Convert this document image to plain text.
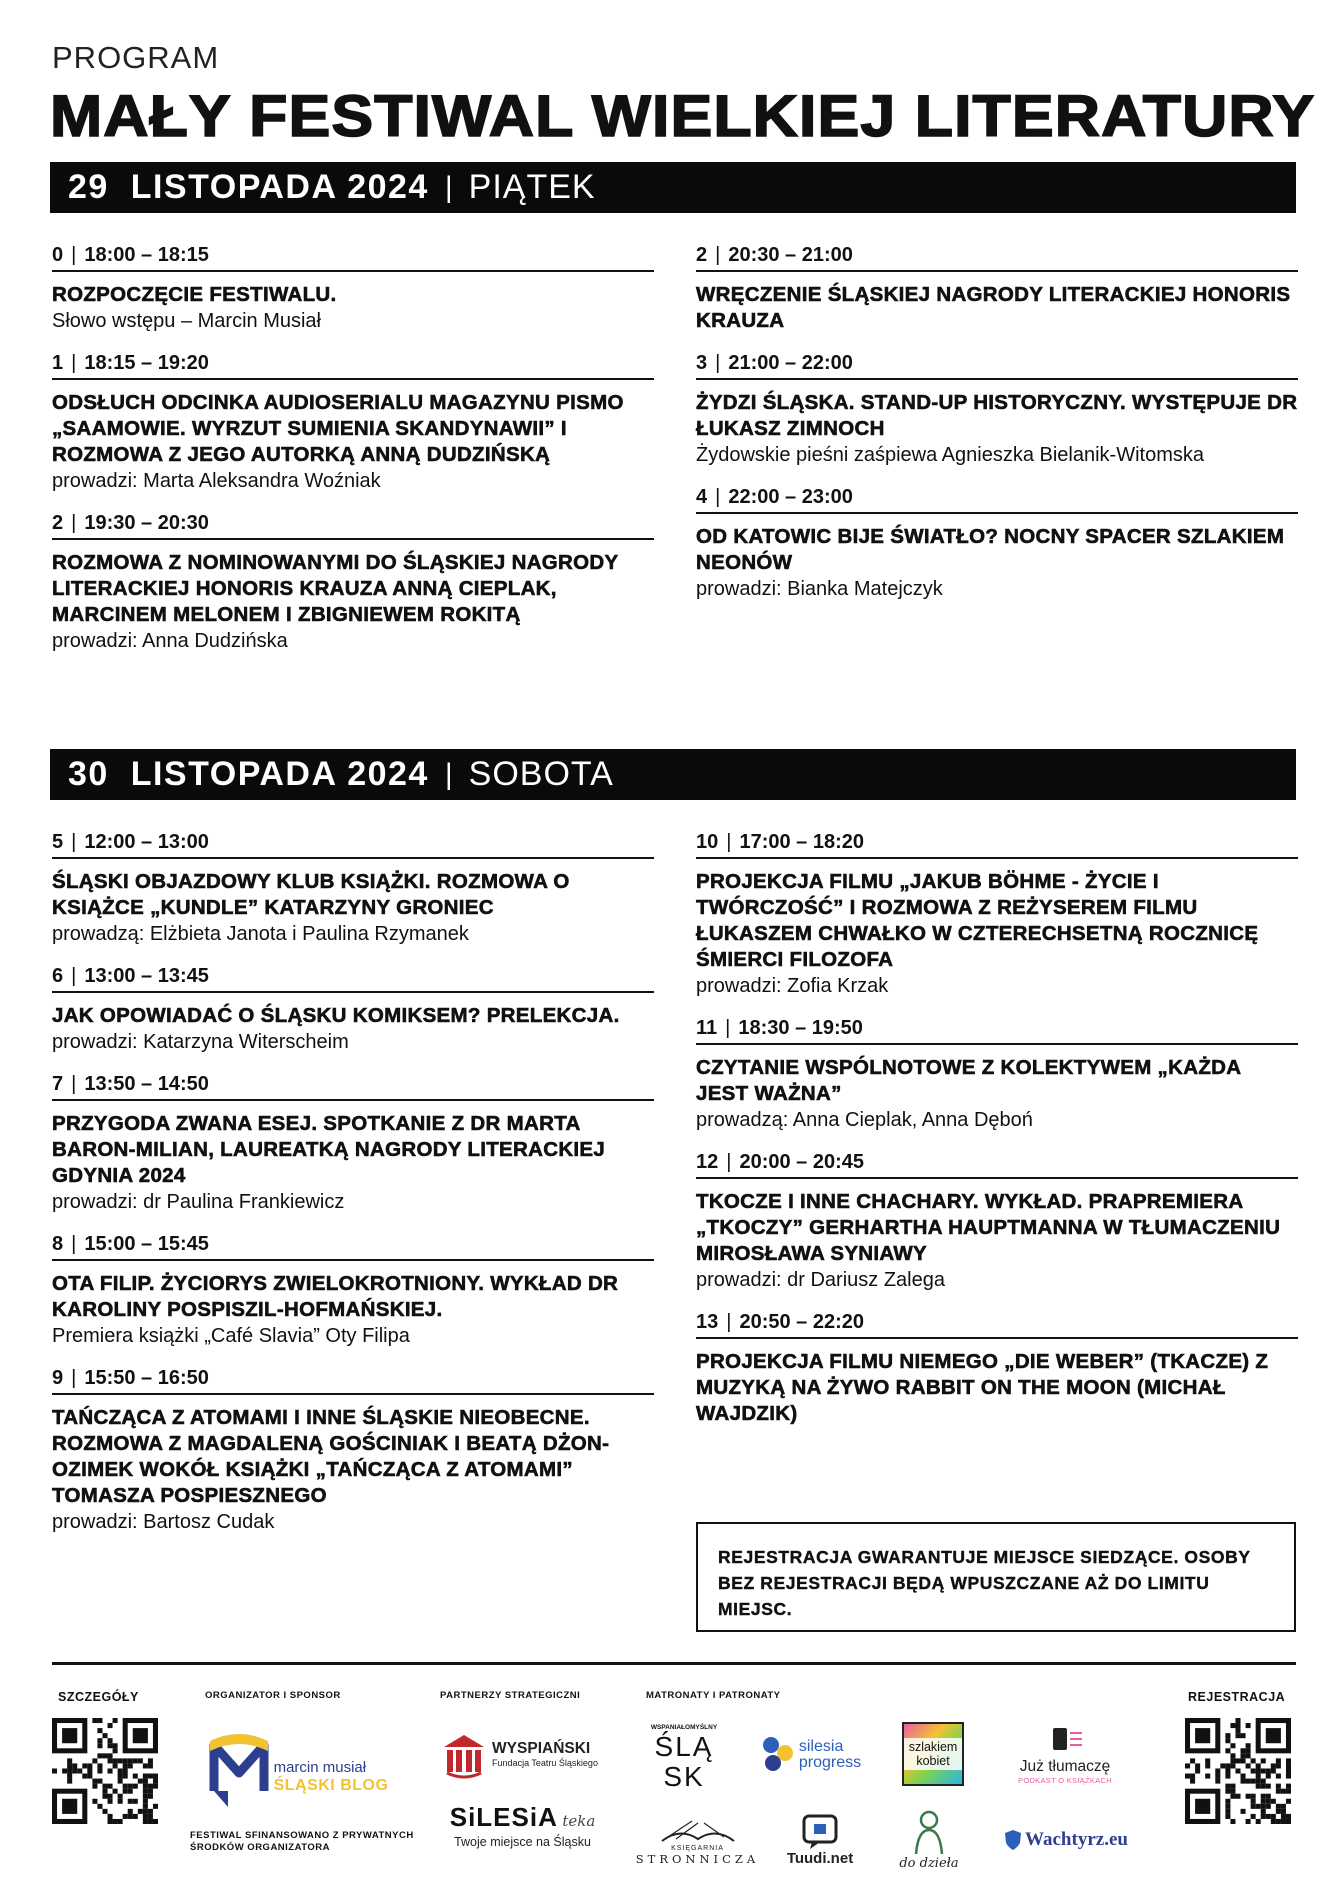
PROGRAM
MAŁY FESTIWAL WIELKIEJ LITERATURY
29  LISTOPADA 2024 | PIĄTEK
0 | 18:00 – 18:15
ROZPOCZĘCIE FESTIWALU.
Słowo wstępu – Marcin Musiał
1 | 18:15 – 19:20
ODSŁUCH ODCINKA AUDIOSERIALU MAGAZYNU PISMO „SAAMOWIE. WYRZUT SUMIENIA SKANDYNAWII” I ROZMOWA Z JEGO AUTORKĄ ANNĄ DUDZIŃSKĄ
prowadzi: Marta Aleksandra Woźniak
2 | 19:30 – 20:30
ROZMOWA Z NOMINOWANYMI DO ŚLĄSKIEJ NAGRODY LITERACKIEJ HONORIS KRAUZA ANNĄ CIEPLAK, MARCINEM MELONEM I ZBIGNIEWEM ROKITĄ
prowadzi: Anna Dudzińska
2 | 20:30 – 21:00
WRĘCZENIE ŚLĄSKIEJ NAGRODY LITERACKIEJ HONORIS KRAUZA
3 | 21:00 – 22:00
ŻYDZI ŚLĄSKA. STAND-UP HISTORYCZNY. WYSTĘPUJE DR ŁUKASZ ZIMNOCH
Żydowskie pieśni zaśpiewa Agnieszka Bielanik-Witomska
4 | 22:00 – 23:00
OD KATOWIC BIJE ŚWIATŁO? NOCNY SPACER SZLAKIEM NEONÓW
prowadzi: Bianka Matejczyk
30  LISTOPADA 2024 | SOBOTA
5 | 12:00 – 13:00
ŚLĄSKI OBJAZDOWY KLUB KSIĄŻKI. ROZMOWA O KSIĄŻCE „KUNDLE” KATARZYNY GRONIEC
prowadzą: Elżbieta Janota i Paulina Rzymanek
6 | 13:00 – 13:45
JAK OPOWIADAĆ O ŚLĄSKU KOMIKSEM? PRELEKCJA.
prowadzi: Katarzyna Witerscheim
7 | 13:50 – 14:50
PRZYGODA ZWANA ESEJ. SPOTKANIE Z DR MARTA BARON-MILIAN, LAUREATKĄ NAGRODY LITERACKIEJ GDYNIA 2024
prowadzi: dr Paulina Frankiewicz
8 | 15:00 – 15:45
OTA FILIP. ŻYCIORYS ZWIELOKROTNIONY. WYKŁAD DR KAROLINY POSPISZIL-HOFMAŃSKIEJ.
Premiera książki „Café Slavia” Oty Filipa
9 | 15:50 – 16:50
TAŃCZĄCA Z ATOMAMI I INNE ŚLĄSKIE NIEOBECNE. ROZMOWA Z MAGDALENĄ GOŚCINIAK I BEATĄ DŻON-OZIMEK WOKÓŁ KSIĄŻKI „TAŃCZĄCA Z ATOMAMI” TOMASZA POSPIESZNEGO
prowadzi: Bartosz Cudak
10 | 17:00 – 18:20
PROJEKCJA FILMU „JAKUB BÖHME - ŻYCIE I TWÓRCZOŚĆ” I ROZMOWA Z REŻYSEREM FILMU ŁUKASZEM CHWAŁKO W CZTERECHSETNĄ ROCZNICĘ ŚMIERCI FILOZOFA
prowadzi: Zofia Krzak
11 | 18:30 – 19:50
CZYTANIE WSPÓLNOTOWE Z KOLEKTYWEM „KAŻDA JEST WAŻNA”
prowadzą: Anna Cieplak, Anna Dęboń
12 | 20:00 – 20:45
TKOCZE I INNE CHACHARY. WYKŁAD. PRAPREMIERA „TKOCZY” GERHARTHA HAUPTMANNA W TŁUMACZENIU MIROSŁAWA SYNIAWY
prowadzi: dr Dariusz Zalega
13 | 20:50 – 22:20
PROJEKCJA FILMU NIEMEGO „DIE WEBER” (TKACZE) Z MUZYKĄ NA ŻYWO RABBIT ON THE MOON (MICHAŁ WAJDZIK)
REJESTRACJA GWARANTUJE MIEJSCE SIEDZĄCE. OSOBY BEZ REJESTRACJI BĘDĄ WPUSZCZANE AŻ DO LIMITU MIEJSC.
SZCZEGÓŁY	ORGANIZATOR I SPONSOR	PARTNERZY STRATEGICZNI	MATRONATY I PATRONATY	REJESTRACJA
marcin musiał
ŚLĄSKI BLOG
FESTIWAL SFINANSOWANO Z PRYWATNYCH ŚRODKÓW ORGANIZATORA
WYSPIAŃSKI
Fundacja Teatru Śląskiego
SiLESiA teka
Twoje miejsce na Śląsku
WSPANIAŁOMYŚLNY
ŚLĄ
SK
silesia
progress
szlakiem kobiet	Już tłumaczę
PODKAST O KSIĄŻKACH
KSIĘGARNIA
STRONNICZA Tuudi.net	do dzieła
Wachtyrz.eu
